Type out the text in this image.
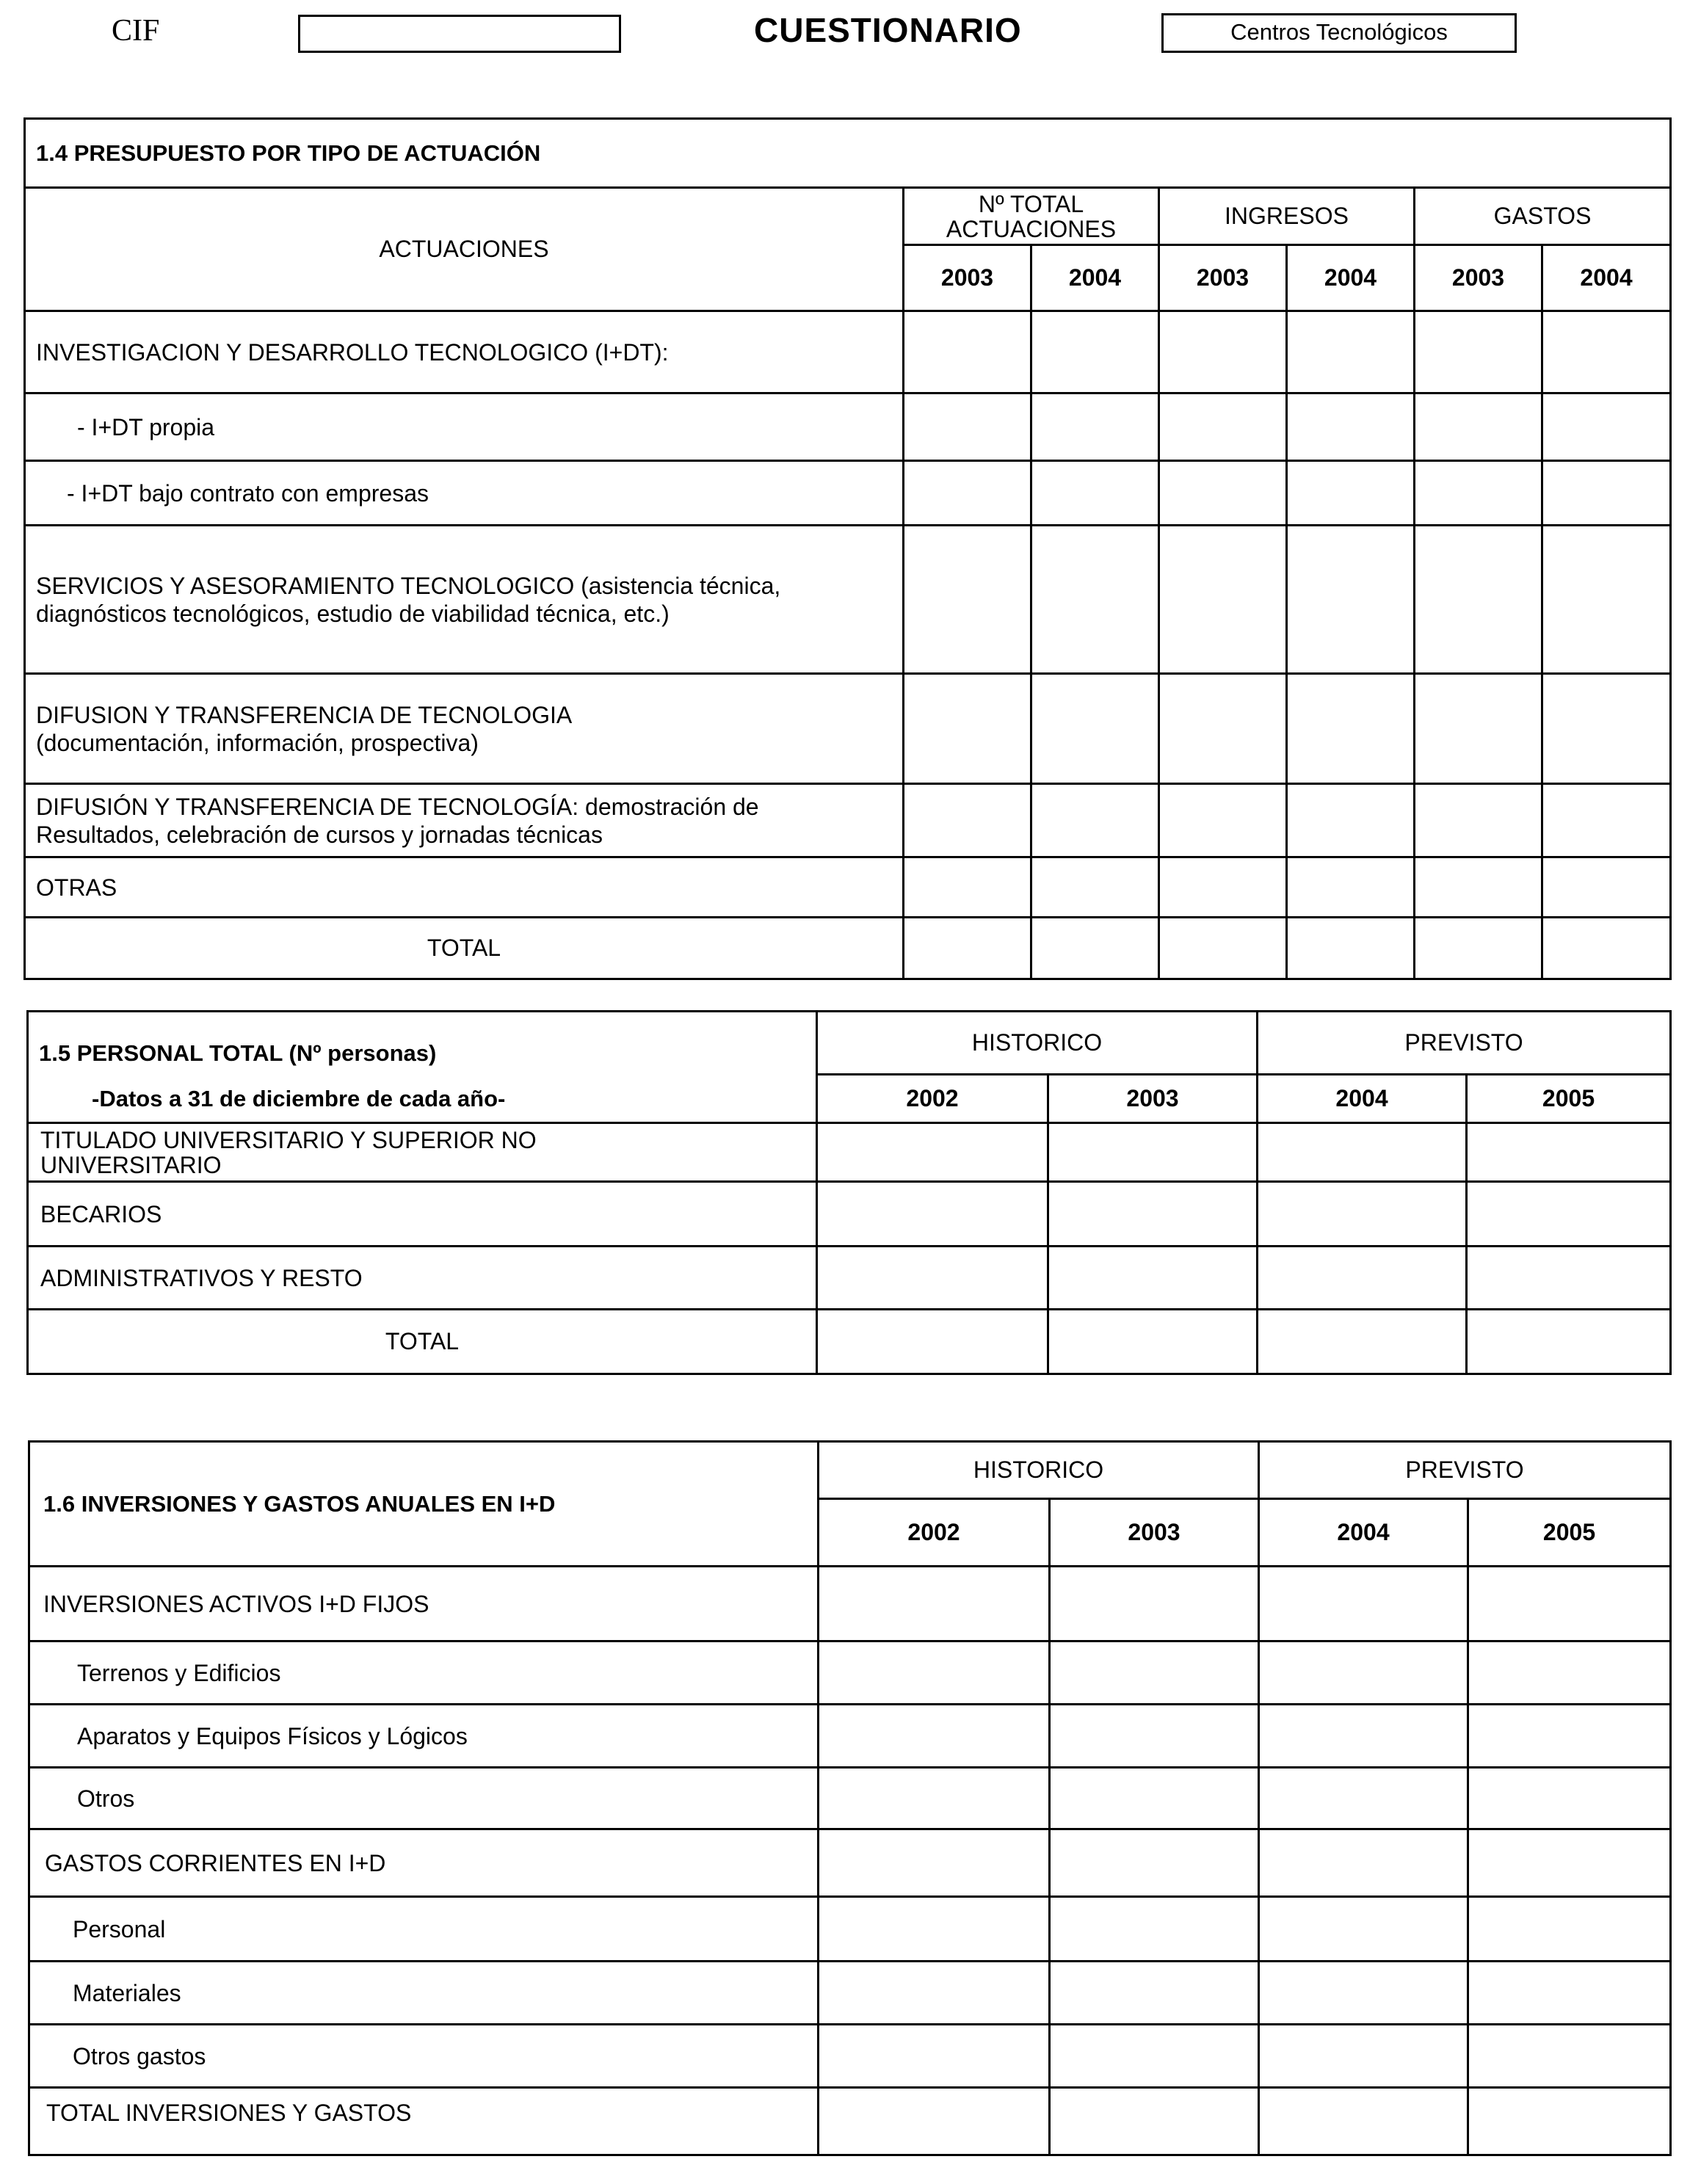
CIF	CUESTIONARIO	Centros Tecnológicos
1.4 PRESUPUESTO POR TIPO DE ACTUACIÓN						
ACTUACIONES	Nº TOTAL ACTUACIONES		INGRESOS		GASTOS	
	2003	2004	2003	2004	2003	2004
INVESTIGACION Y DESARROLLO TECNOLOGICO (I+DT):						
- I+DT propia						
- I+DT bajo contrato con empresas						
SERVICIOS Y ASESORAMIENTO TECNOLOGICO (asistencia técnica, diagnósticos tecnológicos, estudio de viabilidad técnica, etc.)						
DIFUSION Y TRANSFERENCIA DE TECNOLOGIA (documentación, información, prospectiva)						
DIFUSIÓN Y TRANSFERENCIA DE TECNOLOGÍA: demostración de Resultados, celebración de cursos y jornadas técnicas						
OTRAS						
TOTAL						
1.5 PERSONAL TOTAL (Nº personas)
-Datos a 31 de diciembre de cada año-	HISTORICO		PREVISTO	
	2002	2003	2004	2005
TITULADO UNIVERSITARIO Y SUPERIOR NO UNIVERSITARIO				
BECARIOS				
ADMINISTRATIVOS Y RESTO				
TOTAL				
1.6 INVERSIONES Y GASTOS ANUALES EN I+D	HISTORICO		PREVISTO	
	2002	2003	2004	2005
INVERSIONES ACTIVOS I+D FIJOS				
Terrenos y Edificios				
Aparatos y Equipos Físicos y Lógicos				
Otros				
GASTOS CORRIENTES EN I+D				
Personal				
Materiales				
Otros gastos				
TOTAL INVERSIONES Y GASTOS				
